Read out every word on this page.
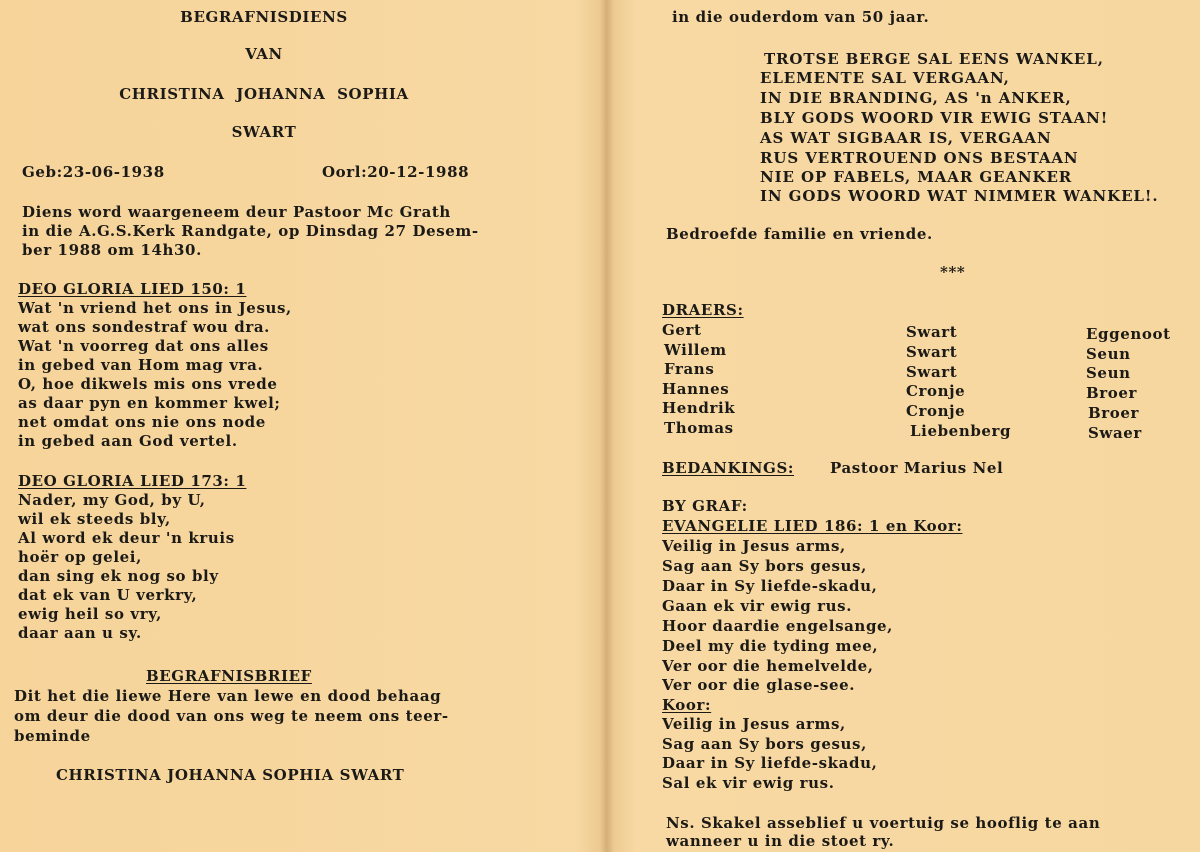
BEGRAFNISDIENS
VAN
CHRISTINA  JOHANNA  SOPHIA
SWART
Geb:23-06-1938	Oorl:20-12-1988
Diens word waargeneem deur Pastoor Mc Grath
in die A.G.S.Kerk Randgate, op Dinsdag 27 Desem-
ber 1988 om 14h30.
DEO GLORIA LIED 150: 1
Wat 'n vriend het ons in Jesus,
wat ons sondestraf wou dra.
Wat 'n voorreg dat ons alles
in gebed van Hom mag vra.
O, hoe dikwels mis ons vrede
as daar pyn en kommer kwel;
net omdat ons nie ons node
in gebed aan God vertel.
DEO GLORIA LIED 173: 1
Nader, my God, by U,
wil ek steeds bly,
Al word ek deur 'n kruis
hoër op gelei,
dan sing ek nog so bly
dat ek van U verkry,
ewig heil so vry,
daar aan u sy.
BEGRAFNISBRIEF
Dit het die liewe Here van lewe en dood behaag
om deur die dood van ons weg te neem ons teer-
beminde
CHRISTINA JOHANNA SOPHIA SWART
in die ouderdom van 50 jaar.
TROTSE BERGE SAL EENS WANKEL,
ELEMENTE SAL VERGAAN,
IN DIE BRANDING, AS 'n ANKER,
BLY GODS WOORD VIR EWIG STAAN!
AS WAT SIGBAAR IS, VERGAAN
RUS VERTROUEND ONS BESTAAN
NIE OP FABELS, MAAR GEANKER
IN GODS WOORD WAT NIMMER WANKEL!.
Bedroefde familie en vriende.
***
DRAERS:
Gert	Swart	Eggenoot
Willem	Swart	Seun
Frans	Swart	Seun
Hannes	Cronje	Broer
Hendrik	Cronje	Broer
Thomas	Liebenberg	Swaer
BEDANKINGS: Pastoor Marius Nel
BY GRAF:
EVANGELIE LIED 186: 1 en Koor:
Veilig in Jesus arms,
Sag aan Sy bors gesus,
Daar in Sy liefde-skadu,
Gaan ek vir ewig rus.
Hoor daardie engelsange,
Deel my die tyding mee,
Ver oor die hemelvelde,
Ver oor die glase-see.
Koor:
Veilig in Jesus arms,
Sag aan Sy bors gesus,
Daar in Sy liefde-skadu,
Sal ek vir ewig rus.
Ns. Skakel asseblief u voertuig se hooflig te aan
wanneer u in die stoet ry.
